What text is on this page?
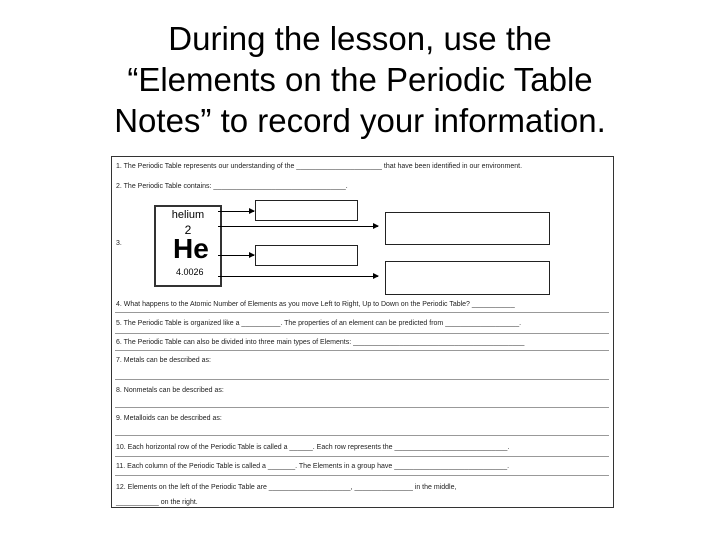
During the lesson, use the
“Elements on the Periodic Table
Notes” to record your information.
1. The Periodic Table represents our understanding of the ______________________ that have been identified in our environment.
2. The Periodic Table contains: __________________________________.
3.
helium
2
He
4.0026
4. What happens to the Atomic Number of Elements as you move Left to Right, Up to Down on the Periodic Table? ___________
5. The Periodic Table is organized like a __________. The properties of an element can be predicted from ___________________.
6. The Periodic Table can also be divided into three main types of Elements: ____________________________________________
7. Metals can be described as:
8. Nonmetals can be described as:
9. Metalloids can be described as:
10. Each horizontal row of the Periodic Table is called a ______. Each row represents the _____________________________.
11. Each column of the Periodic Table is called a _______. The Elements in a group have _____________________________.
12. Elements on the left of the Periodic Table are _____________________, _______________ in the middle,
___________ on the right.
